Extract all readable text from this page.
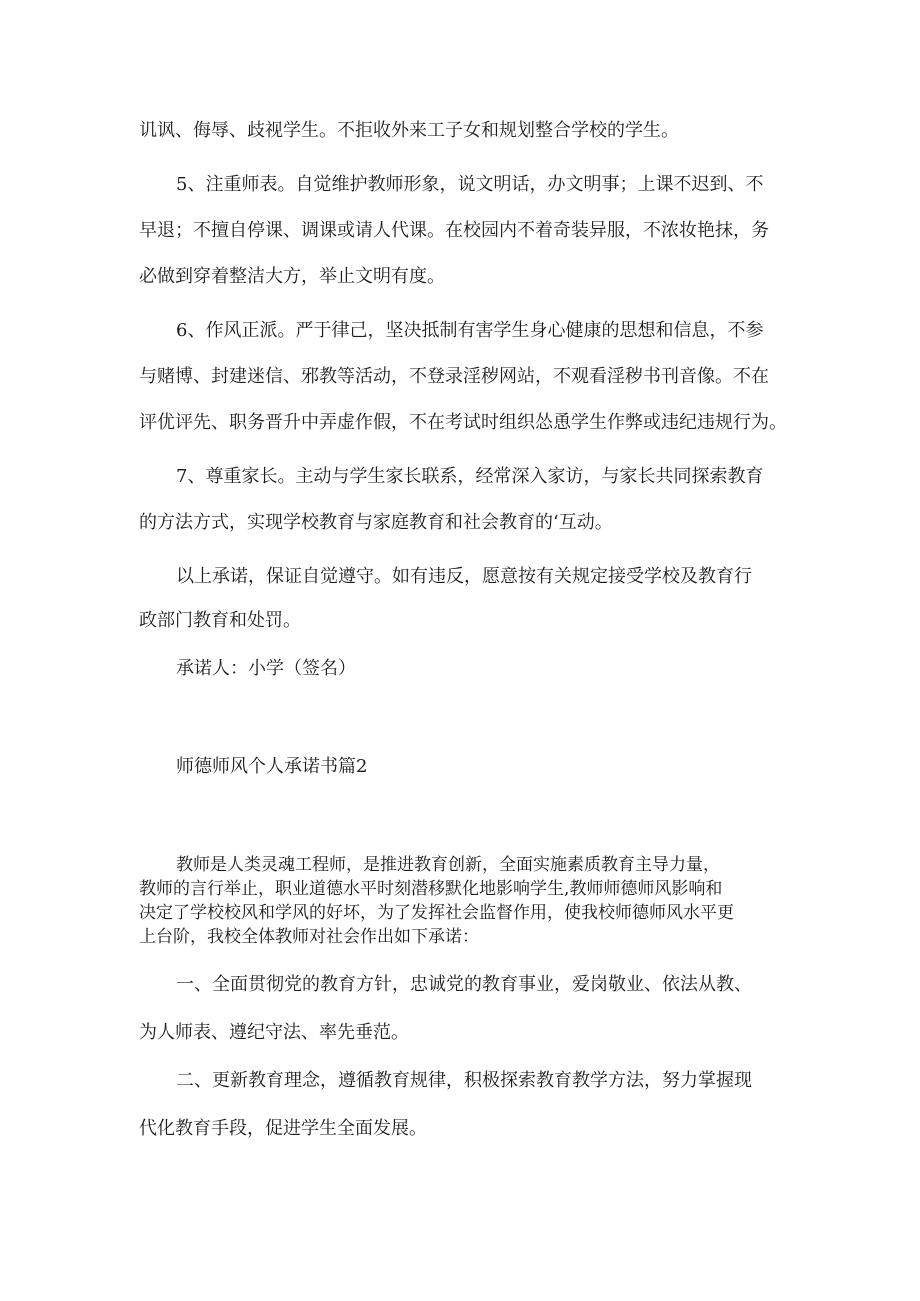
讥讽、侮辱、歧视学生。不拒收外来工子女和规划整合学校的学生。
5、注重师表。自觉维护教师形象，说文明话，办文明事；上课不迟到、不
早退；不擅自停课、调课或请人代课。在校园内不着奇装异服，不浓妆艳抹，务
必做到穿着整洁大方，举止文明有度。
6、作风正派。严于律己，坚决抵制有害学生身心健康的思想和信息，不参
与赌博、封建迷信、邪教等活动，不登录淫秽网站，不观看淫秽书刊音像。不在
评优评先、职务晋升中弄虚作假，不在考试时组织怂恿学生作弊或违纪违规行为。
7、尊重家长。主动与学生家长联系，经常深入家访，与家长共同探索教育
的方法方式，实现学校教育与家庭教育和社会教育的‘互动。
以上承诺，保证自觉遵守。如有违反，愿意按有关规定接受学校及教育行
政部门教育和处罚。
承诺人：小学（签名）
师德师风个人承诺书篇2
教师是人类灵魂工程师，是推进教育创新，全面实施素质教育主导力量，
教师的言行举止，职业道德水平时刻潜移默化地影响学生,教师师德师风影响和
决定了学校校风和学风的好坏，为了发挥社会监督作用，使我校师德师风水平更
上台阶，我校全体教师对社会作出如下承诺：
一、全面贯彻党的教育方针，忠诚党的教育事业，爱岗敬业、依法从教、
为人师表、遵纪守法、率先垂范。
二、更新教育理念，遵循教育规律，积极探索教育教学方法，努力掌握现
代化教育手段，促进学生全面发展。
